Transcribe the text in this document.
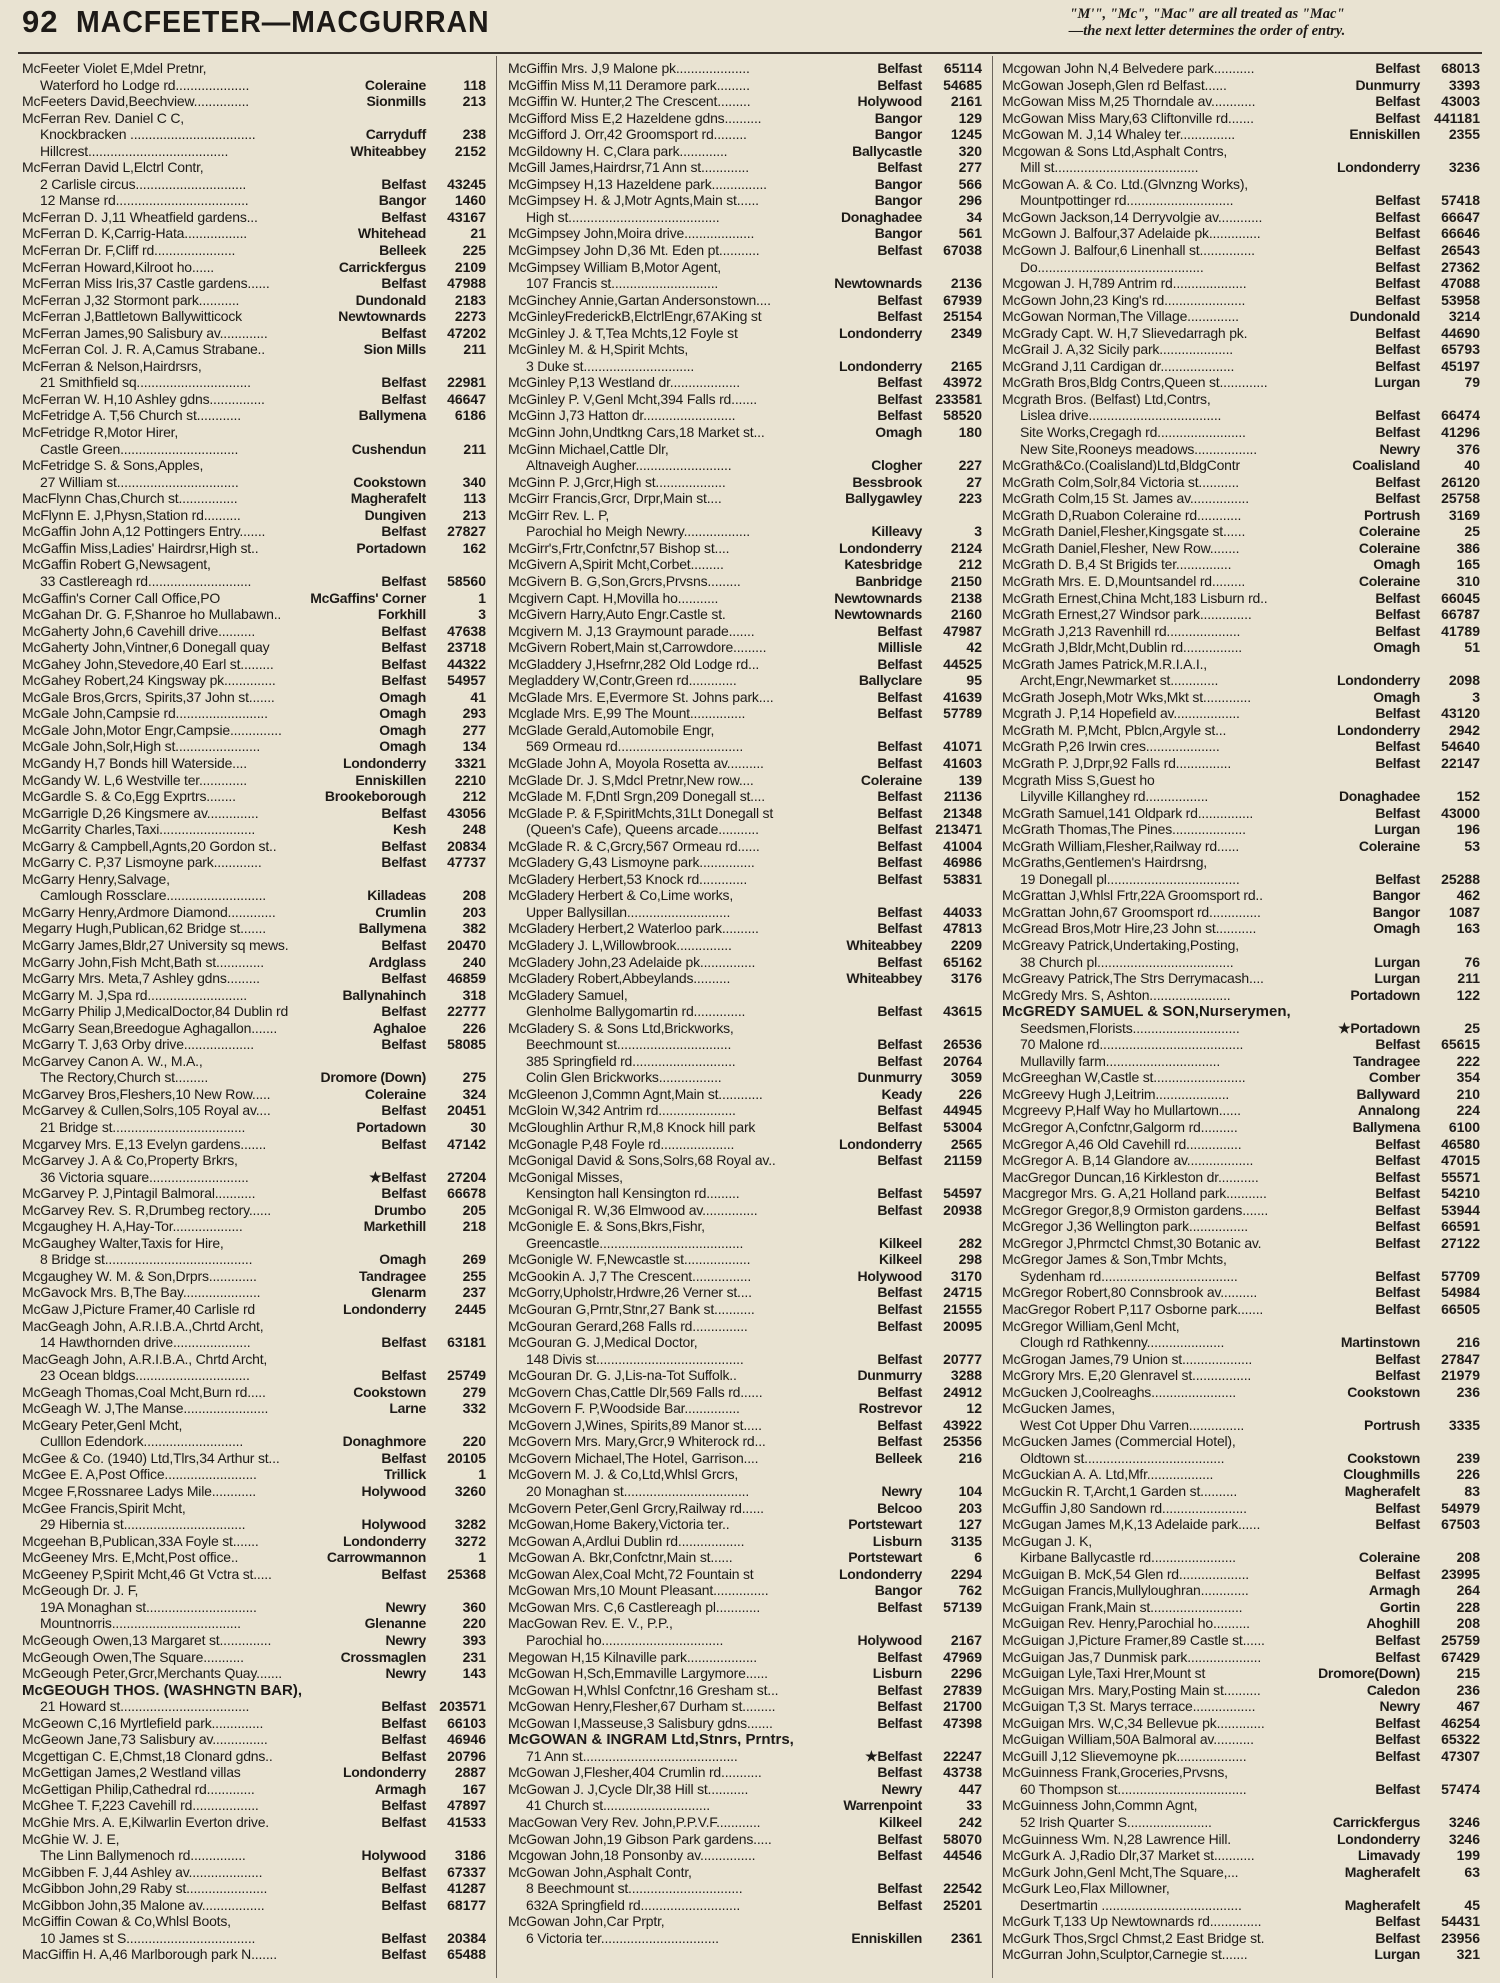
92 MACFEETER—MACGURRAN	"M'", "Mc", "Mac" are all treated as "Mac"
—the next letter determines the order of entry.
McFeeter Violet E,Mdel Pretnr,
Waterford ho Lodge rd....................	Coleraine	118
McFeeters David,Beechview...............	Sionmills	213
McFerran Rev. Daniel C C,
Knockbracken ..................................	Carryduff	238
Hillcrest......................................	Whiteabbey 2152
McFerran David L,Elctrl Contr,
2 Carlisle circus..............................	Belfast 43245
12 Manse rd....................................	Bangor 1460
McFerran D. J,11 Wheatfield gardens...	Belfast 43167
McFerran D. K,Carrig-Hata.................	Whitehead	21
McFerran Dr. F,Cliff rd......................	Belleek	225
McFerran Howard,Kilroot ho......	Carrickfergus 2109
McFerran Miss Iris,37 Castle gardens......	Belfast 47988
McFerran J,32 Stormont park...........	Dundonald 2183
McFerran J,Battletown Ballywitticock	Newtownards 2273
McFerran James,90 Salisbury av.............	Belfast 47202
McFerran Col. J. R. A,Camus Strabane..	Sion Mills	211
McFerran & Nelson,Hairdrsrs,
21 Smithfield sq...............................	Belfast 22981
McFerran W. H,10 Ashley gdns...............	Belfast 46647
McFetridge A. T,56 Church st............	Ballymena 6186
McFetridge R,Motor Hirer,
Castle Green................................	Cushendun	211
McFetridge S. & Sons,Apples,
27 William st.................................	Cookstown	340
MacFlynn Chas,Church st................	Magherafelt	113
McFlynn E. J,Physn,Station rd..........	Dungiven	213
McGaffin John A,12 Pottingers Entry.......	Belfast 27827
McGaffin Miss,Ladies' Hairdrsr,High st..	Portadown	162
McGaffin Robert G,Newsagent,
33 Castlereagh rd............................	Belfast 58560
McGaffin's Corner Call Office,PO	McGaffins' Corner	1
McGahan Dr. G. F,Shanroe ho Mullabawn..	Forkhill	3
McGaherty John,6 Cavehill drive..........	Belfast 47638
McGaherty John,Vintner,6 Donegall quay	Belfast 23718
McGahey John,Stevedore,40 Earl st.........	Belfast 44322
McGahey Robert,24 Kingsway pk..............	Belfast 54957
McGale Bros,Grcrs, Spirits,37 John st.......	Omagh	41
McGale John,Campsie rd.........................	Omagh	293
McGale John,Motor Engr,Campsie..............	Omagh	277
McGale John,Solr,High st.......................	Omagh	134
McGandy H,7 Bonds hill Waterside....	Londonderry 3321
McGandy W. L,6 Westville ter.............	Enniskillen 2210
McGardle S. & Co,Egg Exprtrs........	Brookeborough	212
McGarrigle D,26 Kingsmere av..............	Belfast 43056
McGarrity Charles,Taxi..........................	Kesh	248
McGarry & Campbell,Agnts,20 Gordon st..	Belfast 20834
McGarry C. P,37 Lismoyne park.............	Belfast 47737
McGarry Henry,Salvage,
Camlough Rossclare...........................	Killadeas	208
McGarry Henry,Ardmore Diamond.............	Crumlin	203
Megarry Hugh,Publican,62 Bridge st.......	Ballymena	382
McGarry James,Bldr,27 University sq mews.	Belfast 20470
McGarry John,Fish Mcht,Bath st.............	Ardglass	240
McGarry Mrs. Meta,7 Ashley gdns.........	Belfast 46859
McGarry M. J,Spa rd...........................	Ballynahinch	318
McGarry Philip J,MedicalDoctor,84 Dublin rd	Belfast 22777
McGarry Sean,Breedogue Aghagallon.......	Aghaloe	226
McGarry T. J,63 Orby drive...................	Belfast 58085
McGarvey Canon A. W., M.A.,
The Rectory,Church st.........	Dromore (Down)	275
McGarvey Bros,Fleshers,10 New Row.....	Coleraine	324
McGarvey & Cullen,Solrs,105 Royal av....	Belfast 20451
21 Bridge st....................................	Portadown	30
Mcgarvey Mrs. E,13 Evelyn gardens.......	Belfast 47142
McGarvey J. A & Co,Property Brkrs,
36 Victoria square...........................	★Belfast 27204
McGarvey P. J,Pintagil Balmoral...........	Belfast 66678
McGarvey Rev. S. R,Drumbeg rectory......	Drumbo	205
Mcgaughey H. A,Hay-Tor...................	Markethill	218
McGaughey Walter,Taxis for Hire,
8 Bridge st........................................	Omagh	269
Mcgaughey W. M. & Son,Drprs.............	Tandragee	255
McGavock Mrs. B,The Bay.....................	Glenarm	237
McGaw J,Picture Framer,40 Carlisle rd	Londonderry 2445
MacGeagh John, A.R.I.B.A.,Chrtd Archt,
14 Hawthornden drive.....................	Belfast 63181
MacGeagh John, A.R.I.B.A., Chrtd Archt,
23 Ocean bldgs...............................	Belfast 25749
McGeagh Thomas,Coal Mcht,Burn rd.....	Cookstown	279
McGeagh W. J,The Manse.......................	Larne	332
McGeary Peter,Genl Mcht,
Culllon Edendork...........................	Donaghmore	220
McGee & Co. (1940) Ltd,Tlrs,34 Arthur st...	Belfast 20105
McGee E. A,Post Office.........................	Trillick	1
Mcgee F,Rossnaree Ladys Mile............	Holywood 3260
McGee Francis,Spirit Mcht,
29 Hibernia st.................................	Holywood 3282
Mcgeehan B,Publican,33A Foyle st.......	Londonderry 3272
McGeeney Mrs. E,Mcht,Post office..	Carrowmannon	1
McGeeney P,Spirit Mcht,46 Gt Vctra st.....	Belfast 25368
McGeough Dr. J. F,
19A Monaghan st..............................	Newry	360
Mountnorris...................................	Glenanne	220
McGeough Owen,13 Margaret st..............	Newry	393
McGeough Owen,The Square...........	Crossmaglen	231
McGeough Peter,Grcr,Merchants Quay.......	Newry	143
McGEOUGH THOS. (WASHNGTN BAR),
21 Howard st...................................	Belfast 203571
McGeown C,16 Myrtlefield park..............	Belfast 66103
McGeown Jane,73 Salisbury av...............	Belfast 46946
Mcgettigan C. E,Chmst,18 Clonard gdns..	Belfast 20796
McGettigan James,2 Westland villas	Londonderry 2887
McGettigan Philip,Cathedral rd.............	Armagh	167
McGhee T. F,223 Cavehill rd..................	Belfast 47897
McGhie Mrs. A. E,Kilwarlin Everton drive.	Belfast 41533
McGhie W. J. E,
The Linn Ballymenoch rd...............	Holywood 3186
McGibben F. J,44 Ashley av....................	Belfast 67337
McGibbon John,29 Raby st......................	Belfast 41287
McGibbon John,35 Malone av.................	Belfast 68177
McGiffin Cowan & Co,Whlsl Boots,
10 James st S...................................	Belfast 20384
MacGiffin H. A,46 Marlborough park N.......	Belfast 65488
McGiffin Mrs. J,9 Malone pk....................	Belfast 65114
McGiffin Miss M,11 Deramore park.........	Belfast 54685
McGiffin W. Hunter,2 The Crescent.........	Holywood 2161
McGifford Miss E,2 Hazeldene gdns..........	Bangor	129
McGifford J. Orr,42 Groomsport rd.........	Bangor 1245
McGildowny H. C,Clara park.............	Ballycastle	320
McGill James,Hairdrsr,71 Ann st.............	Belfast	277
McGimpsey H,13 Hazeldene park...............	Bangor	566
McGimpsey H. & J,Motr Agnts,Main st......	Bangor	296
High st.........................................	Donaghadee	34
McGimpsey John,Moira drive...................	Bangor	561
McGimpsey John D,36 Mt. Eden pt...........	Belfast 67038
McGimpsey William B,Motor Agent,
107 Francis st.............................	Newtownards 2136
McGinchey Annie,Gartan Andersonstown....	Belfast 67939
McGinleyFrederickB,ElctrlEngr,67AKing st	Belfast 25154
McGinley J. & T,Tea Mchts,12 Foyle st	Londonderry 2349
McGinley M. & H,Spirit Mchts,
3 Duke st..............................	Londonderry 2165
McGinley P,13 Westland dr...................	Belfast 43972
McGinley P. V,Genl Mcht,394 Falls rd.......	Belfast 233581
McGinn J,73 Hatton dr.........................	Belfast 58520
McGinn John,Undtkng Cars,18 Market st...	Omagh	180
McGinn Michael,Cattle Dlr,
Altnaveigh Augher..........................	Clogher	227
McGinn P. J,Grcr,High st...................	Bessbrook	27
McGirr Francis,Grcr, Drpr,Main st....	Ballygawley	223
McGirr Rev. L. P,
Parochial ho Meigh Newry..................	Killeavy	3
McGirr's,Frtr,Confctnr,57 Bishop st....	Londonderry 2124
McGivern A,Spirit Mcht,Corbet.........	Katesbridge	212
McGivern B. G,Son,Grcrs,Prvsns.........	Banbridge 2150
Mcgivern Capt. H,Movilla ho...........	Newtownards 2138
McGivern Harry,Auto Engr.Castle st.	Newtownards 2160
Mcgivern M. J,13 Graymount parade.......	Belfast 47987
McGivern Robert,Main st,Carrowdore.........	Millisle	42
McGladdery J,Hsefrnr,282 Old Lodge rd...	Belfast 44525
Megladdery W,Contr,Green rd.............	Ballyclare	95
McGlade Mrs. E,Evermore St. Johns park....	Belfast 41639
Mcglade Mrs. E,99 The Mount...............	Belfast 57789
McGlade Gerald,Automobile Engr,
569 Ormeau rd..................................	Belfast 41071
McGlade John A, Moyola Rosetta av..........	Belfast 41603
McGlade Dr. J. S,Mdcl Pretnr,New row....	Coleraine	139
McGlade M. F,Dntl Srgn,209 Donegall st....	Belfast 21136
McGlade P. & F,SpiritMchts,31Lt Donegall st	Belfast 21348
(Queen's Cafe), Queens arcade...........	Belfast 213471
McGlade R. & C,Grcry,567 Ormeau rd......	Belfast 41004
McGladery G,43 Lismoyne park...............	Belfast 46986
McGladery Herbert,53 Knock rd.............	Belfast 53831
McGladery Herbert & Co,Lime works,
Upper Ballysillan............................	Belfast 44033
McGladery Herbert,2 Waterloo park..........	Belfast 47813
McGladery J. L,Willowbrook...............	Whiteabbey 2209
McGladery John,23 Adelaide pk...............	Belfast 65162
McGladery Robert,Abbeylands..........	Whiteabbey 3176
McGladery Samuel,
Glenholme Ballygomartin rd..............	Belfast 43615
McGladery S. & Sons Ltd,Brickworks,
Beechmount st...............................	Belfast 26536
385 Springfield rd............................	Belfast 20764
Colin Glen Brickworks.................	Dunmurry 3059
McGleenon J,Commn Agnt,Main st............	Keady	226
McGloin W,342 Antrim rd.....................	Belfast 44945
McGloughlin Arthur R,M,8 Knock hill park	Belfast 53004
McGonagle P,48 Foyle rd....................	Londonderry 2565
McGonigal David & Sons,Solrs,68 Royal av..	Belfast 21159
McGonigal Misses,
Kensington hall Kensington rd.........	Belfast 54597
McGonigal R. W,36 Elmwood av...............	Belfast 20938
McGonigle E. & Sons,Bkrs,Fishr,
Greencastle.......................................	Kilkeel	282
McGonigle W. F,Newcastle st..................	Kilkeel	298
McGookin A. J,7 The Crescent................	Holywood 3170
McGorry,Upholstr,Hrdwre,26 Verner st....	Belfast 24715
McGouran G,Prntr,Stnr,27 Bank st...........	Belfast 21555
McGouran Gerard,268 Falls rd...............	Belfast 20095
McGouran G. J,Medical Doctor,
148 Divis st........................................	Belfast 20777
McGouran Dr. G. J,Lis-na-Tot Suffolk..	Dunmurry 3288
McGovern Chas,Cattle Dlr,569 Falls rd......	Belfast 24912
McGovern F. P,Woodside Bar...............	Rostrevor	12
McGovern J,Wines, Spirits,89 Manor st.....	Belfast 43922
McGovern Mrs. Mary,Grcr,9 Whiterock rd...	Belfast 25356
McGovern Michael,The Hotel, Garrison....	Belleek	216
McGovern M. J. & Co,Ltd,Whlsl Grcrs,
20 Monaghan st..................................	Newry	104
McGovern Peter,Genl Grcry,Railway rd......	Belcoo	203
McGowan,Home Bakery,Victoria ter..	Portstewart	127
McGowan A,Ardlui Dublin rd..................	Lisburn 3135
McGowan A. Bkr,Confctnr,Main st......	Portstewart	6
McGowan Alex,Coal Mcht,72 Fountain st	Londonderry 2294
McGowan Mrs,10 Mount Pleasant...............	Bangor	762
McGowan Mrs. C,6 Castlereagh pl............	Belfast 57139
MacGowan Rev. E. V., P.P.,
Parochial ho.................................	Holywood 2167
Megowan H,15 Kilnaville park...................	Belfast 47969
McGowan H,Sch,Emmaville Largymore......	Lisburn 2296
McGowan H,Whlsl Confctnr,16 Gresham st...	Belfast 27839
McGowan Henry,Flesher,67 Durham st.........	Belfast 21700
McGowan I,Masseuse,3 Salisbury gdns.......	Belfast 47398
McGOWAN & INGRAM Ltd,Stnrs, Prntrs,
71 Ann st..........................................	★Belfast 22247
McGowan J,Flesher,404 Crumlin rd...........	Belfast 43738
McGowan J. J,Cycle Dlr,38 Hill st...........	Newry	447
41 Church st.............................	Warrenpoint	33
MacGowan Very Rev. John,P.P.V.F............	Kilkeel	242
McGowan John,19 Gibson Park gardens.....	Belfast 58070
Mcgowan John,18 Ponsonby av...............	Belfast 44546
McGowan John,Asphalt Contr,
8 Beechmount st...............................	Belfast 22542
632A Springfield rd...........................	Belfast 25201
McGowan John,Car Prptr,
6 Victoria ter................................	Enniskillen 2361
Mcgowan John N,4 Belvedere park...........	Belfast 68013
McGowan Joseph,Glen rd Belfast......	Dunmurry 3393
McGowan Miss M,25 Thorndale av............	Belfast 43003
McGowan Miss Mary,63 Cliftonville rd.......	Belfast 441181
McGowan M. J,14 Whaley ter...............	Enniskillen 2355
Mcgowan & Sons Ltd,Asphalt Contrs,
Mill st.......................................	Londonderry 3236
McGowan A. & Co. Ltd.(Glvnzng Works),
Mountpottinger rd.............................	Belfast 57418
McGown Jackson,14 Derryvolgie av............	Belfast 66647
McGown J. Balfour,37 Adelaide pk..............	Belfast 66646
McGown J. Balfour,6 Linenhall st...............	Belfast 26543
Do.............................................	Belfast 27362
Mcgowan J. H,789 Antrim rd....................	Belfast 47088
McGown John,23 King's rd......................	Belfast 53958
McGowan Norman,The Village..............	Dundonald 3214
McGrady Capt. W. H,7 Slievedarragh pk.	Belfast 44690
McGrail J. A,32 Sicily park....................	Belfast 65793
McGrand J,11 Cardigan dr....................	Belfast 45197
McGrath Bros,Bldg Contrs,Queen st.............	Lurgan	79
Mcgrath Bros. (Belfast) Ltd,Contrs,
Lislea drive....................................	Belfast 66474
Site Works,Cregagh rd........................	Belfast 41296
New Site,Rooneys meadows.................	Newry	376
McGrath&Co.(Coalisland)Ltd,BldgContr	Coalisland	40
McGrath Colm,Solr,84 Victoria st...........	Belfast 26120
McGrath Colm,15 St. James av................	Belfast 25758
McGrath D,Ruabon Coleraine rd............	Portrush 3169
McGrath Daniel,Flesher,Kingsgate st......	Coleraine	25
McGrath Daniel,Flesher, New Row........	Coleraine	386
McGrath D. B,4 St Brigids ter...............	Omagh	165
McGrath Mrs. E. D,Mountsandel rd.........	Coleraine	310
McGrath Ernest,China Mcht,183 Lisburn rd..	Belfast 66045
McGrath Ernest,27 Windsor park..............	Belfast 66787
McGrath J,213 Ravenhill rd....................	Belfast 41789
McGrath J,Bldr,Mcht,Dublin rd................	Omagh	51
McGrath James Patrick,M.R.I.A.I.,
Archt,Engr,Newmarket st.............	Londonderry 2098
McGrath Joseph,Motr Wks,Mkt st.............	Omagh	3
Mcgrath J. P,14 Hopefield av..................	Belfast 43120
McGrath M. P,Mcht, Pblcn,Argyle st...	Londonderry 2942
McGrath P,26 Irwin cres....................	Belfast 54640
McGrath P. J,Drpr,92 Falls rd...............	Belfast 22147
Mcgrath Miss S,Guest ho
Lilyville Killanghey rd.................	Donaghadee	152
McGrath Samuel,141 Oldpark rd...............	Belfast 43000
McGrath Thomas,The Pines....................	Lurgan	196
McGrath William,Flesher,Railway rd......	Coleraine	53
McGraths,Gentlemen's Hairdrsng,
19 Donegall pl....................................	Belfast 25288
McGrattan J,Whlsl Frtr,22A Groomsport rd..	Bangor	462
McGrattan John,67 Groomsport rd..............	Bangor 1087
McGread Bros,Motr Hire,23 John st...........	Omagh	163
McGreavy Patrick,Undertaking,Posting,
38 Church pl.....................................	Lurgan	76
McGreavy Patrick,The Strs Derrymacash....	Lurgan	211
McGredy Mrs. S, Ashton......................	Portadown	122
McGREDY SAMUEL & SON,Nurserymen,
Seedsmen,Florists.............................	★Portadown	25
70 Malone rd.......................................	Belfast 65615
Mullavilly farm...............................	Tandragee	222
McGreeghan W,Castle st.........................	Comber	354
McGreevy Hugh J,Leitrim....................	Ballyward	210
Mcgreevy P,Half Way ho Mullartown......	Annalong	224
McGregor A,Confctnr,Galgorm rd..........	Ballymena 6100
McGregor A,46 Old Cavehill rd...............	Belfast 46580
McGregor A. B,14 Glandore av..................	Belfast 47015
MacGregor Duncan,16 Kirkleston dr...........	Belfast 55571
Macgregor Mrs. G. A,21 Holland park...........	Belfast 54210
McGregor Gregor,8,9 Ormiston gardens.......	Belfast 53944
McGregor J,36 Wellington park................	Belfast 66591
McGregor J,Phrmctcl Chmst,30 Botanic av.	Belfast 27122
McGregor James & Son,Tmbr Mchts,
Sydenham rd.....................................	Belfast 57709
McGregor Robert,80 Connsbrook av..........	Belfast 54984
MacGregor Robert P,117 Osborne park.......	Belfast 66505
McGregor William,Genl Mcht,
Clough rd Rathkenny.....................	Martinstown	216
McGrogan James,79 Union st...................	Belfast 27847
McGrory Mrs. E,20 Glenravel st................	Belfast 21979
McGucken J,Coolreaghs.......................	Cookstown	236
McGucken James,
West Cot Upper Dhu Varren...............	Portrush 3335
McGucken James (Commercial Hotel),
Oldtown st......................................	Cookstown	239
McGuckian A. A. Ltd,Mfr..................	Cloughmills	226
McGuckin R. T,Archt,1 Garden st..........	Magherafelt	83
McGuffin J,80 Sandown rd.......................	Belfast 54979
McGugan James M,K,13 Adelaide park......	Belfast 67503
McGugan J. K,
Kirbane Ballycastle rd.......................	Coleraine	208
McGuigan B. McK,54 Glen rd...................	Belfast 23995
McGuigan Francis,Mullyloughran.............	Armagh	264
McGuigan Frank,Main st.........................	Gortin	228
McGuigan Rev. Henry,Parochial ho..........	Ahoghill	208
McGuigan J,Picture Framer,89 Castle st......	Belfast 25759
McGuigan Jas,7 Dunmisk park....................	Belfast 67429
McGuigan Lyle,Taxi Hrer,Mount st	Dromore(Down)	215
McGuigan Mrs. Mary,Posting Main st..........	Caledon	236
McGuigan T,3 St. Marys terrace.................	Newry	467
McGuigan Mrs. W,C,34 Bellevue pk.............	Belfast 46254
McGuigan William,50A Balmoral av...........	Belfast 65322
McGuill J,12 Slievemoyne pk...................	Belfast 47307
McGuinness Frank,Groceries,Prvsns,
60 Thompson st...................................	Belfast 57474
McGuinness John,Commn Agnt,
52 Irish Quarter S.......................	Carrickfergus 3246
McGuinness Wm. N,28 Lawrence Hill.	Londonderry 3246
McGurk A. J,Radio Dlr,37 Market st...........	Limavady	199
McGurk John,Genl Mcht,The Square,...	Magherafelt	63
McGurk Leo,Flax Millowner,
Desertmartin ......................................	Magherafelt	45
McGurk T,133 Up Newtownards rd..............	Belfast 54431
McGurk Thos,Srgcl Chmst,2 East Bridge st.	Belfast 23956
McGurran John,Sculptor,Carnegie st.......	Lurgan	321
